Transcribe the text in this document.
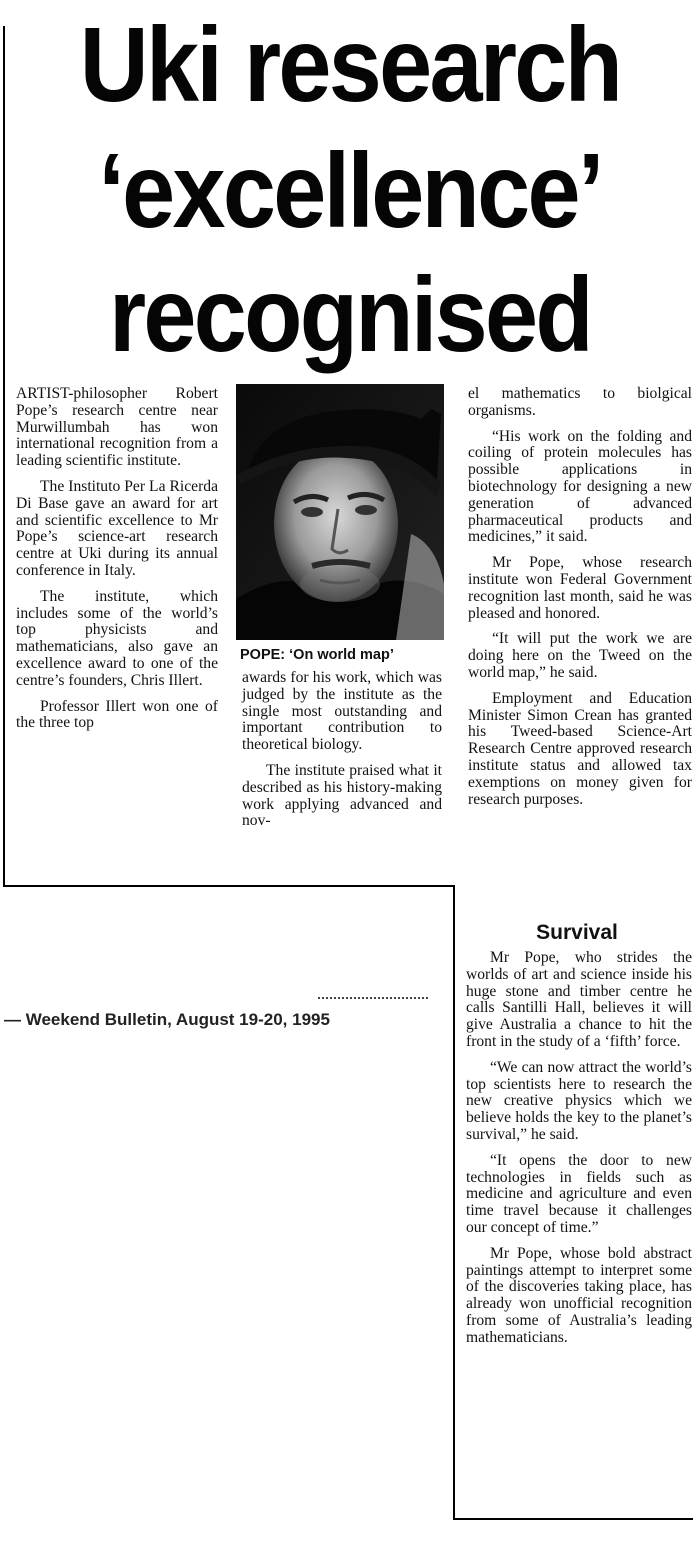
Uki research
‘excellence’
recognised

ARTIST-philosopher Robert Pope’s research centre near Murwillumbah has won international recognition from a leading scientific institute.

The Instituto Per La Ricerda Di Base gave an award for art and scientific excellence to Mr Pope’s science-art research centre at Uki during its annual conference in Italy.

The institute, which includes some of the world’s top physicists and mathematicians, also gave an excellence award to one of the centre’s founders, Chris Illert.

Professor Illert won one of the three top

POPE: ‘On world map’

awards for his work, which was judged by the institute as the single most outstanding and important contribution to theoretical biology.

The institute praised what it described as his history-making work applying advanced and nov-

el mathematics to biolgical organisms.

“His work on the folding and coiling of protein molecules has possible applications in biotechnology for designing a new generation of advanced pharmaceutical products and medicines,” it said.

Mr Pope, whose research institute won Federal Government recognition last month, said he was pleased and honored.

“It will put the work we are doing here on the Tweed on the world map,” he said.

Employment and Education Minister Simon Crean has granted his Tweed-based Science-Art Research Centre approved research institute status and allowed tax exemptions on money given for research purposes.

Survival

Mr Pope, who strides the worlds of art and science inside his huge stone and timber centre he calls Santilli Hall, believes it will give Australia a chance to hit the front in the study of a ‘fifth’ force.

“We can now attract the world’s top scientists here to research the new creative physics which we believe holds the key to the planet’s survival,” he said.

“It opens the door to new technologies in fields such as medicine and agriculture and even time travel because it challenges our concept of time.”

Mr Pope, whose bold abstract paintings attempt to interpret some of the discoveries taking place, has already won unofficial recognition from some of Australia’s leading mathematicians.

— Weekend Bulletin, August 19-20, 1995
